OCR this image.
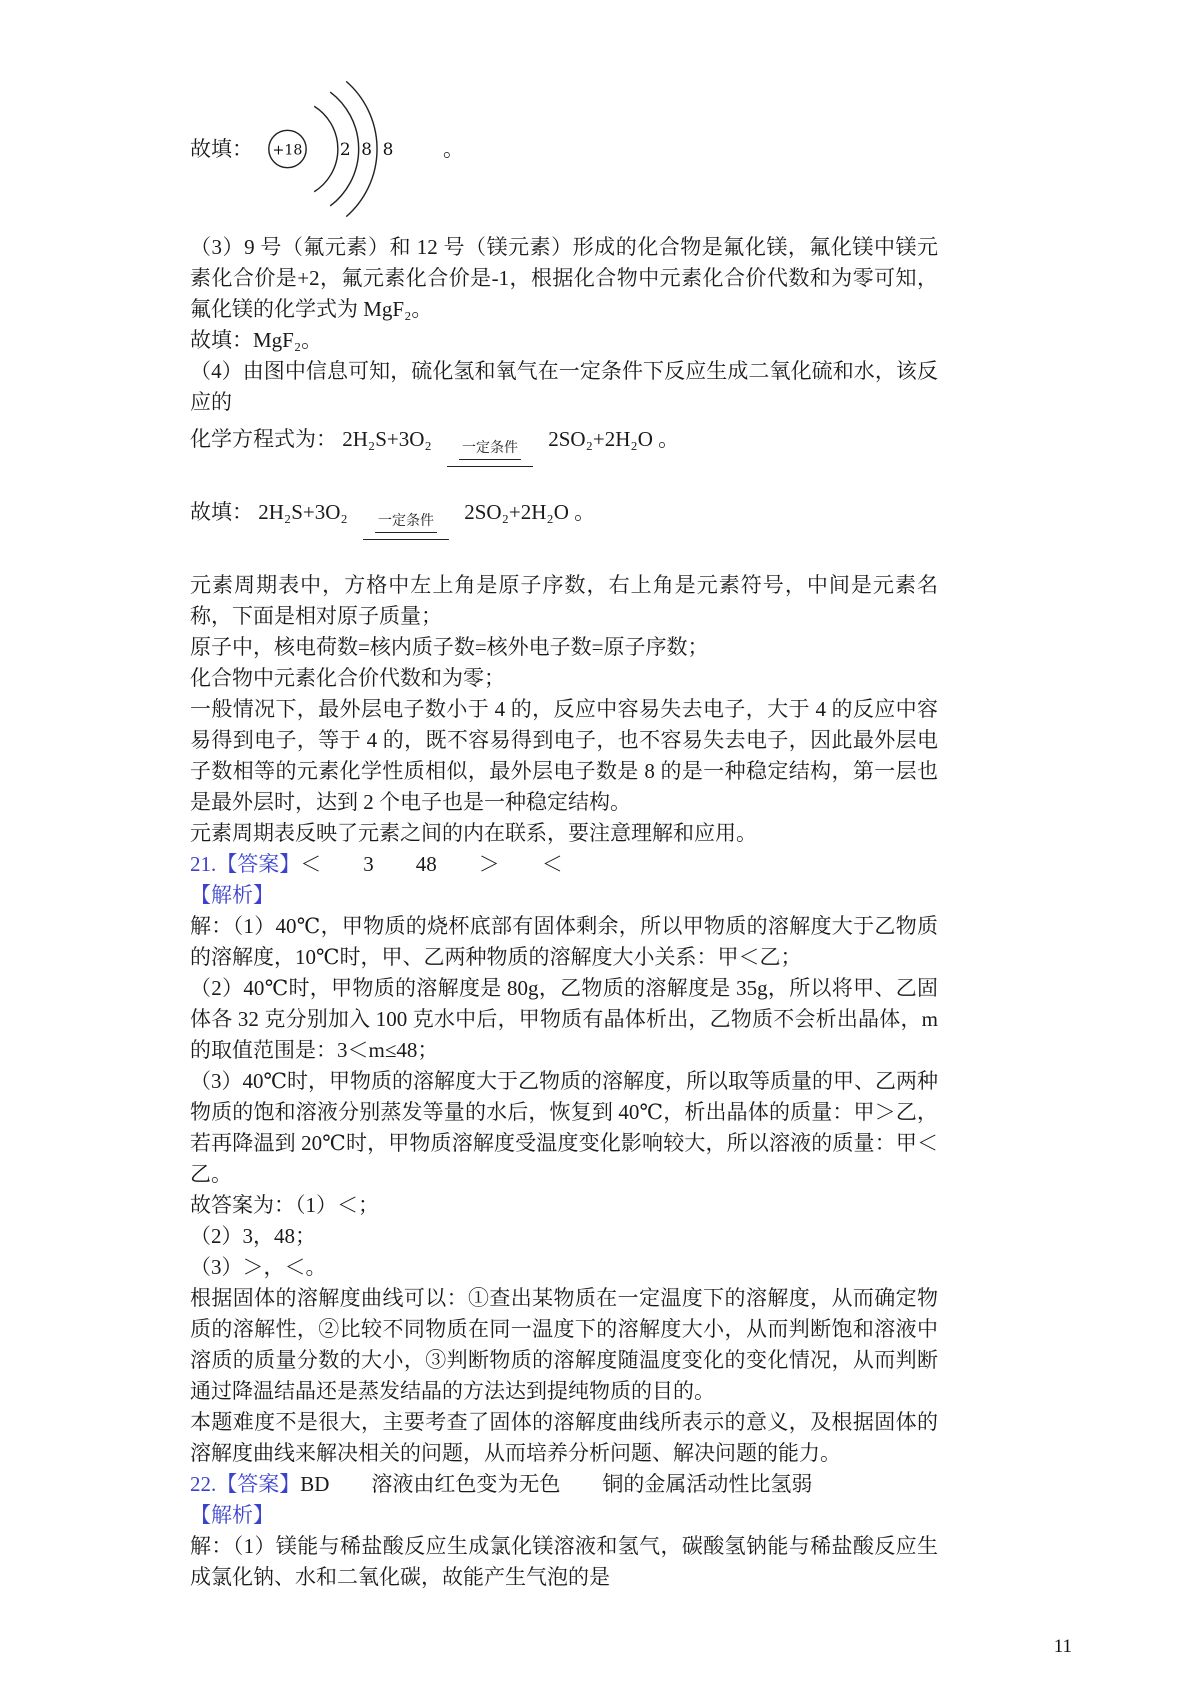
故填： +18 2 8 8 。

（3）9 号（氟元素）和 12 号（镁元素）形成的化合物是氟化镁，氟化镁中镁元素化合价是+2，氟元素化合价是-1，根据化合物中元素化合价代数和为零可知，氟化镁的化学式为 MgF₂。

故填：MgF₂。

（4）由图中信息可知，硫化氢和氧气在一定条件下反应生成二氧化硫和水，该反应的

化学方程式为： 2H₂S+3O₂ 一定条件 2SO₂+2H₂O 。
故填： 2H₂S+3O₂ 一定条件 2SO₂+2H₂O 。

元素周期表中，方格中左上角是原子序数，右上角是元素符号，中间是元素名称，下面是相对原子质量；

原子中，核电荷数=核内质子数=核外电子数=原子序数；

化合物中元素化合价代数和为零；

一般情况下，最外层电子数小于 4 的，反应中容易失去电子，大于 4 的反应中容易得到电子，等于 4 的，既不容易得到电子，也不容易失去电子，因此最外层电子数相等的元素化学性质相似，最外层电子数是 8 的是一种稳定结构，第一层也是最外层时，达到 2 个电子也是一种稳定结构。

元素周期表反映了元素之间的内在联系，要注意理解和应用。

21.【答案】＜　　3　　48　　＞　　＜

【解析】

解：（1）40℃，甲物质的烧杯底部有固体剩余，所以甲物质的溶解度大于乙物质的溶解度，10℃时，甲、乙两种物质的溶解度大小关系：甲＜乙；

（2）40℃时，甲物质的溶解度是 80g，乙物质的溶解度是 35g，所以将甲、乙固体各 32 克分别加入 100 克水中后，甲物质有晶体析出，乙物质不会析出晶体，m 的取值范围是：3＜m≤48；

（3）40℃时，甲物质的溶解度大于乙物质的溶解度，所以取等质量的甲、乙两种物质的饱和溶液分别蒸发等量的水后，恢复到 40℃，析出晶体的质量：甲＞乙，若再降温到 20℃时，甲物质溶解度受温度变化影响较大，所以溶液的质量：甲＜乙。

故答案为：（1）＜；

（2）3，48；

（3）＞，＜。

根据固体的溶解度曲线可以：①查出某物质在一定温度下的溶解度，从而确定物质的溶解性，②比较不同物质在同一温度下的溶解度大小，从而判断饱和溶液中溶质的质量分数的大小，③判断物质的溶解度随温度变化的变化情况，从而判断通过降温结晶还是蒸发结晶的方法达到提纯物质的目的。

本题难度不是很大，主要考查了固体的溶解度曲线所表示的意义，及根据固体的溶解度曲线来解决相关的问题，从而培养分析问题、解决问题的能力。

22.【答案】BD　　溶液由红色变为无色　　铜的金属活动性比氢弱

【解析】

解：（1）镁能与稀盐酸反应生成氯化镁溶液和氢气，碳酸氢钠能与稀盐酸反应生成氯化钠、水和二氧化碳，故能产生气泡的是

11
